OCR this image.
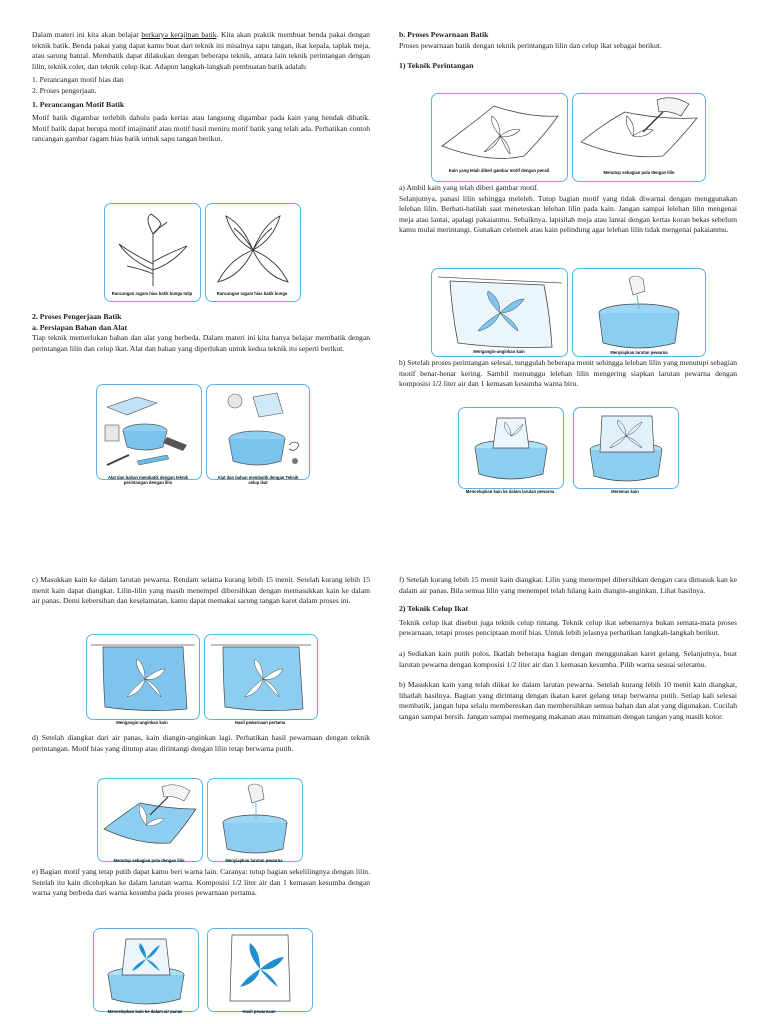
Dalam materi ini kita akan belajar berkarya kerajinan batik. Kita akan praktik membuat benda pakai dengan teknik batik. Benda pakai yang dapat kamu buat dari teknik ini misalnya sapu tangan, ikat kepala, taplak meja, atau sarung bantal. Membatik dapat dilakukan dengan beberapa teknik, antara lain teknik perintangan dengan lilin, teknik colet, dan teknik celup ikat. Adapun langkah-langkah pembuatan batik adalah:

1. Perancangan motif hias dan

2. Proses pengerjaan.

1. Perancangan Motif Batik

Motif batik digambar terlebih dahulu pada kertas atau langsung digambar pada kain yang hendak dibatik. Motif batik dapat berupa motif imajinatif atau motif hasil meniru motif batik yang telah ada. Perhatikan contoh rancangan gambar ragam hias batik untuk sapu tangan berikut.

Rancangan ragam hias batik bunga tulip	Rancangan ragam hias batik bunga

2. Proses Pengerjaan Batik

a. Persiapan Bahan dan Alat

Tiap teknik memerlukan bahan dan alat yang berbeda. Dalam materi ini kita hanya belajar membatik dengan perintangan lilin dan celup ikat. Alat dan bahan yang diperlukan untuk kedua teknik itu seperti berikut.

Alat dan bahan membatik dengan teknik perintangan dengan lilin
Alat dan bahan membatik dengan Teknik celup ikat

b. Proses Pewarnaan Batik

Proses pewarnaan batik dengan teknik perintangan lilin dan celup ikat sebagai berikut.

1) Teknik Perintangan

Kain yang telah diberi gambar motif dengan pensil	Menutup sebagian pola dengan lilin

a) Ambil kain yang telah diberi gambar motif.

Selanjutnya, panasi lilin sehingga meleleh. Tutup bagian motif yang tidak diwarnai dengan menggunakan lelehan lilin. Berhati-hatilah saat meneteskan lelehan lilin pada kain. Jangan sampai lelehan lilin mengenai meja atau lantai, apalagi pakaianmu. Sebaiknya, lapisilah meja atau lantai dengan kertas koran bekas sebelum kamu mulai merintangi. Gunakan celemek atau kain pelindung agar lelehan lilin tidak mengenai pakaianmu.

Mengangin-anginkan kain	Menyiapkan larutan pewarna

b) Setelah proses perintangan selesai, tunggulah beberapa menit sehingga lelehan lilin yang menutupi sebagian motif benar-benar kering. Sambil menunggu lelehan lilin mengering siapkan larutan pewarna dengan komposisi 1/2 liter air dan 1 kemasan kesumba warna biru.

Mencelupkan kain ke dalam larutan pewarna	Meremas kain

c) Masukkan kain ke dalam larutan pewarna. Rendam selama kurang lebih 15 menit. Setelah kurang lebih 15 menit kain dapat diangkat. Lilin-lilin yang masih menempel dibersihkan dengan memasukkan kain ke dalam air panas. Demi kebersihan dan keselamatan, kamu dapat memakai sarung tangan karet dalam proses ini.

Mengangin-anginkan kain	Hasil pewarnaan pertama

d) Setelah diangkat dari air panas, kain diangin-anginkan lagi. Perhatikan hasil pewarnaan dengan teknik perintangan. Motif hias yang ditutup atau dirintangi dengan lilin tetap berwarna putih.

Menutup sebagian pola dengan lilin	Menyiapkan larutan pewarna

e) Bagian motif yang tetap putih dapat kamu beri warna lain. Caranya: tutup bagian sekelilingnya dengan lilin. Setelah itu kain dicelupkan ke dalam larutan warna. Komposisi 1/2 liter air dan 1 kemasan kesumba dengan warna yang berbeda dari warna kesumba pada proses pewarnaan pertama.

Mencelupkan kain ke dalam air panas	Hasil pewarnaan

f) Setelah kurang lebih 15 menit kain diangkat. Lilin yang menempel dibersihkan dengan cara dimasuk kan ke dalam air panas. Bila semua lilin yang menempel telah hilang kain diangin-anginkan. Lihat hasilnya.

2) Teknik Celup Ikat

Teknik celup ikat disebut juga teknik celup rintang. Teknik celup ikat sebenarnya bukan semata-mata proses pewarnaan, tetapi proses penciptaan motif hias. Untuk lebih jelasnya perhatikan langkah-langkah berikut.

a) Sediakan kain putih polos. Ikatlah beberapa bagian dengan menggunakan karet gelang. Selanjutnya, buat larutan pewarna dengan komposisi 1/2 liter air dan 1 kemasan kesumba. Pilih warna sesuai seleramu.

b) Masukkan kain yang telah diikat ke dalam larutan pewarna. Setelah kurang lebih 10 menit kain diangkat, lihatlah hasilnya. Bagian yang dirintang dengan ikatan karet gelang tetap berwarna putih. Setiap kali selesai membatik, jangan lupa selalu membereskan dan membersihkan semua bahan dan alat yang digunakan. Cucilah tangan sampai bersih. Jangan sampai memegang makanan atau minuman dengan tangan yang masih kotor.
